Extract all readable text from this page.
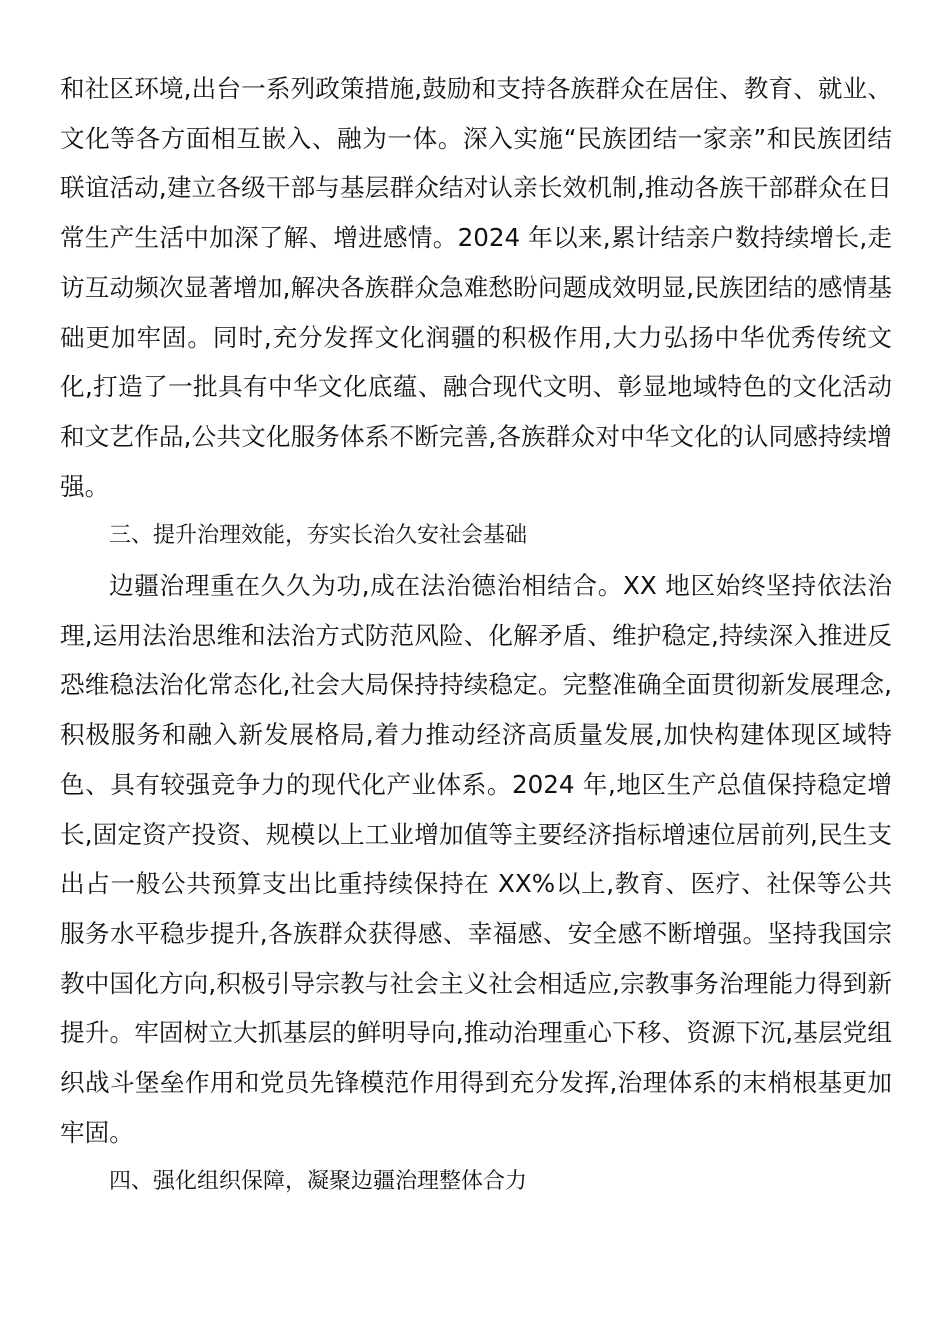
和社区环境,出台一系列政策措施,鼓励和支持各族群众在居住、教育、就业、文化等各方面相互嵌入、融为一体。深入实施“民族团结一家亲”和民族团结联谊活动,建立各级干部与基层群众结对认亲长效机制,推动各族干部群众在日常生产生活中加深了解、增进感情。2024 年以来,累计结亲户数持续增长,走访互动频次显著增加,解决各族群众急难愁盼问题成效明显,民族团结的感情基础更加牢固。同时,充分发挥文化润疆的积极作用,大力弘扬中华优秀传统文化,打造了一批具有中华文化底蕴、融合现代文明、彰显地域特色的文化活动和文艺作品,公共文化服务体系不断完善,各族群众对中华文化的认同感持续增强。

三、提升治理效能，夯实长治久安社会基础

边疆治理重在久久为功,成在法治德治相结合。XX 地区始终坚持依法治理,运用法治思维和法治方式防范风险、化解矛盾、维护稳定,持续深入推进反恐维稳法治化常态化,社会大局保持持续稳定。完整准确全面贯彻新发展理念,积极服务和融入新发展格局,着力推动经济高质量发展,加快构建体现区域特色、具有较强竞争力的现代化产业体系。2024 年,地区生产总值保持稳定增长,固定资产投资、规模以上工业增加值等主要经济指标增速位居前列,民生支出占一般公共预算支出比重持续保持在 XX%以上,教育、医疗、社保等公共服务水平稳步提升,各族群众获得感、幸福感、安全感不断增强。坚持我国宗教中国化方向,积极引导宗教与社会主义社会相适应,宗教事务治理能力得到新提升。牢固树立大抓基层的鲜明导向,推动治理重心下移、资源下沉,基层党组织战斗堡垒作用和党员先锋模范作用得到充分发挥,治理体系的末梢根基更加牢固。

四、强化组织保障，凝聚边疆治理整体合力
